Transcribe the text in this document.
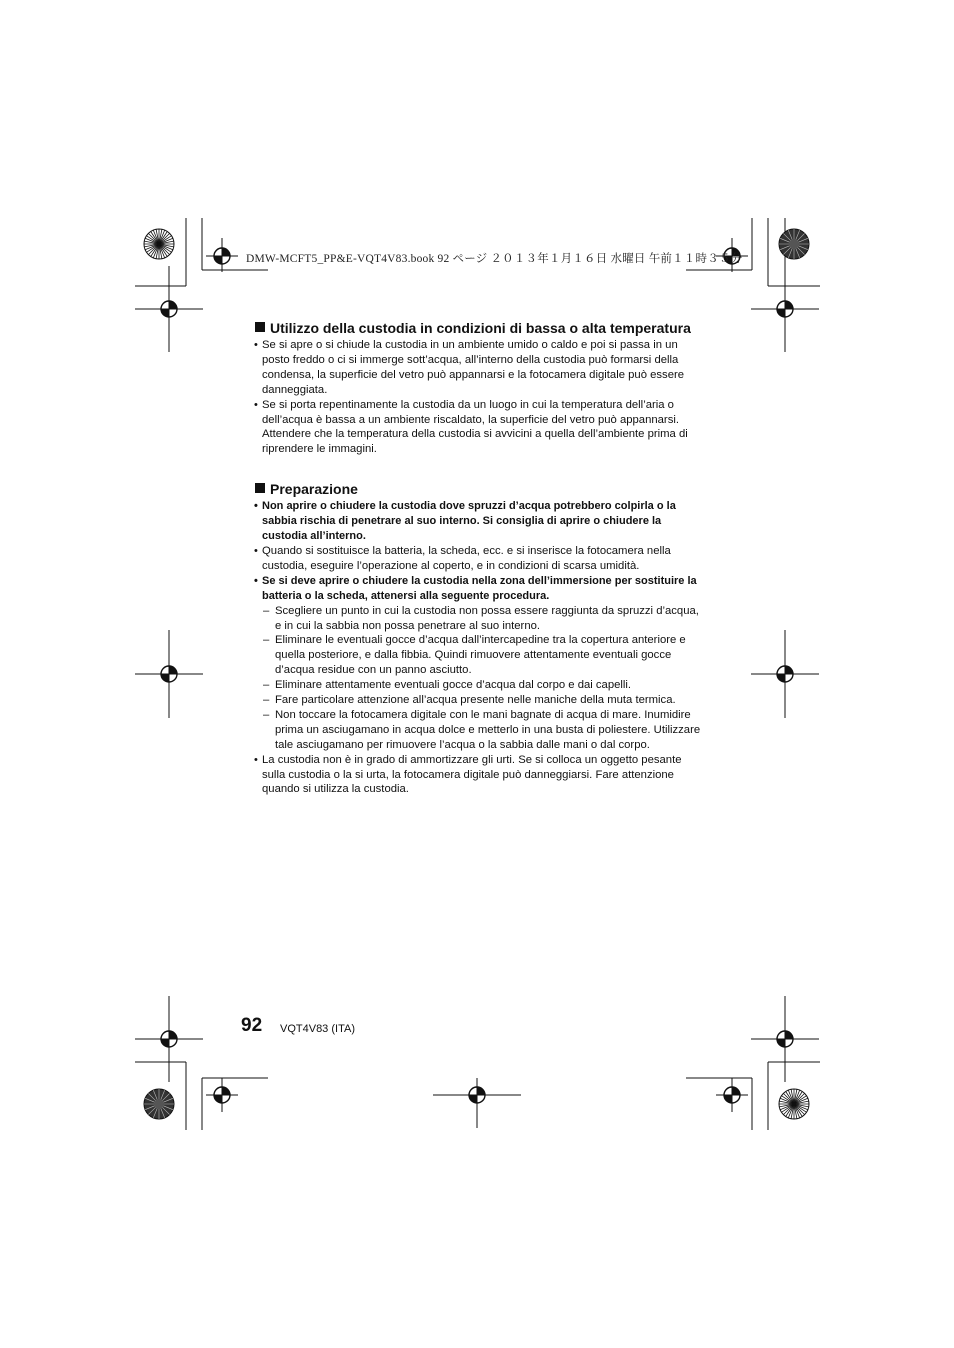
DMW-MCFT5_PP&E-VQT4V83.book 92 ページ ２０１３年１月１６日 水曜日 午前１１時３５分
Utilizzo della custodia in condizioni di bassa o alta temperatura
• Se si apre o si chiude la custodia in un ambiente umido o caldo e poi si passa in un posto freddo o ci si immerge sott’acqua, all’interno della custodia può formarsi della condensa, la superficie del vetro può appannarsi e la fotocamera digitale può essere danneggiata.
• Se si porta repentinamente la custodia da un luogo in cui la temperatura dell’aria o dell’acqua è bassa a un ambiente riscaldato, la superficie del vetro può appannarsi. Attendere che la temperatura della custodia si avvicini a quella dell’ambiente prima di riprendere le immagini.
Preparazione
• Non aprire o chiudere la custodia dove spruzzi d’acqua potrebbero colpirla o la sabbia rischia di penetrare al suo interno. Si consiglia di aprire o chiudere la custodia all’interno.
• Quando si sostituisce la batteria, la scheda, ecc. e si inserisce la fotocamera nella custodia, eseguire l’operazione al coperto, e in condizioni di scarsa umidità.
• Se si deve aprire o chiudere la custodia nella zona dell’immersione per sostituire la batteria o la scheda, attenersi alla seguente procedura.
– Scegliere un punto in cui la custodia non possa essere raggiunta da spruzzi d’acqua, e in cui la sabbia non possa penetrare al suo interno.
– Eliminare le eventuali gocce d’acqua dall’intercapedine tra la copertura anteriore e quella posteriore, e dalla fibbia. Quindi rimuovere attentamente eventuali gocce d’acqua residue con un panno asciutto.
– Eliminare attentamente eventuali gocce d’acqua dal corpo e dai capelli.
– Fare particolare attenzione all’acqua presente nelle maniche della muta termica.
– Non toccare la fotocamera digitale con le mani bagnate di acqua di mare. Inumidire prima un asciugamano in acqua dolce e metterlo in una busta di poliestere. Utilizzare tale asciugamano per rimuovere l’acqua o la sabbia dalle mani o dal corpo.
• La custodia non è in grado di ammortizzare gli urti. Se si colloca un oggetto pesante sulla custodia o la si urta, la fotocamera digitale può danneggiarsi. Fare attenzione quando si utilizza la custodia.
92 VQT4V83 (ITA)
